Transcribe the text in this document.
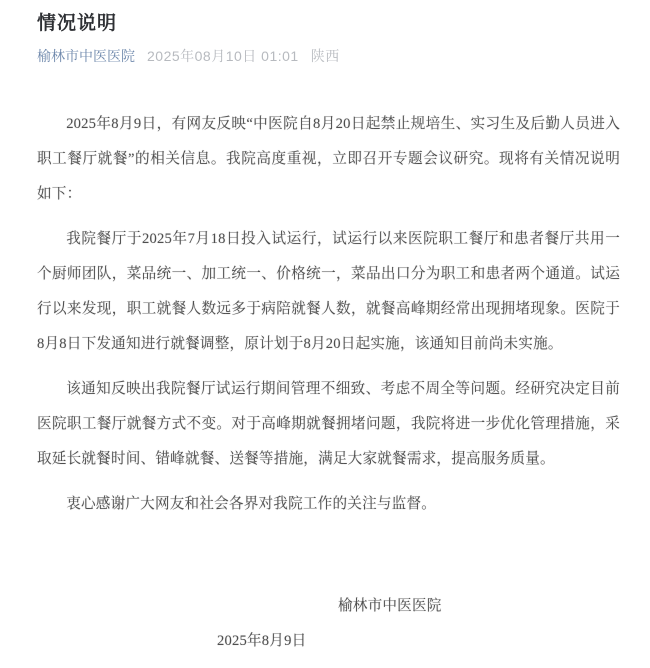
情况说明
榆林市中医医院 2025年08月10日 01:01 陕西

2025年8月9日，有网友反映“中医院自8月20日起禁止规培生、实习生及后勤人员进入职工餐厅就餐”的相关信息。我院高度重视，立即召开专题会议研究。现将有关情况说明如下：

我院餐厅于2025年7月18日投入试运行，试运行以来医院职工餐厅和患者餐厅共用一个厨师团队，菜品统一、加工统一、价格统一，菜品出口分为职工和患者两个通道。试运行以来发现，职工就餐人数远多于病陪就餐人数，就餐高峰期经常出现拥堵现象。医院于8月8日下发通知进行就餐调整，原计划于8月20日起实施，该通知目前尚未实施。

该通知反映出我院餐厅试运行期间管理不细致、考虑不周全等问题。经研究决定目前医院职工餐厅就餐方式不变。对于高峰期就餐拥堵问题，我院将进一步优化管理措施，采取延长就餐时间、错峰就餐、送餐等措施，满足大家就餐需求，提高服务质量。

衷心感谢广大网友和社会各界对我院工作的关注与监督。

榆林市中医医院

2025年8月9日
